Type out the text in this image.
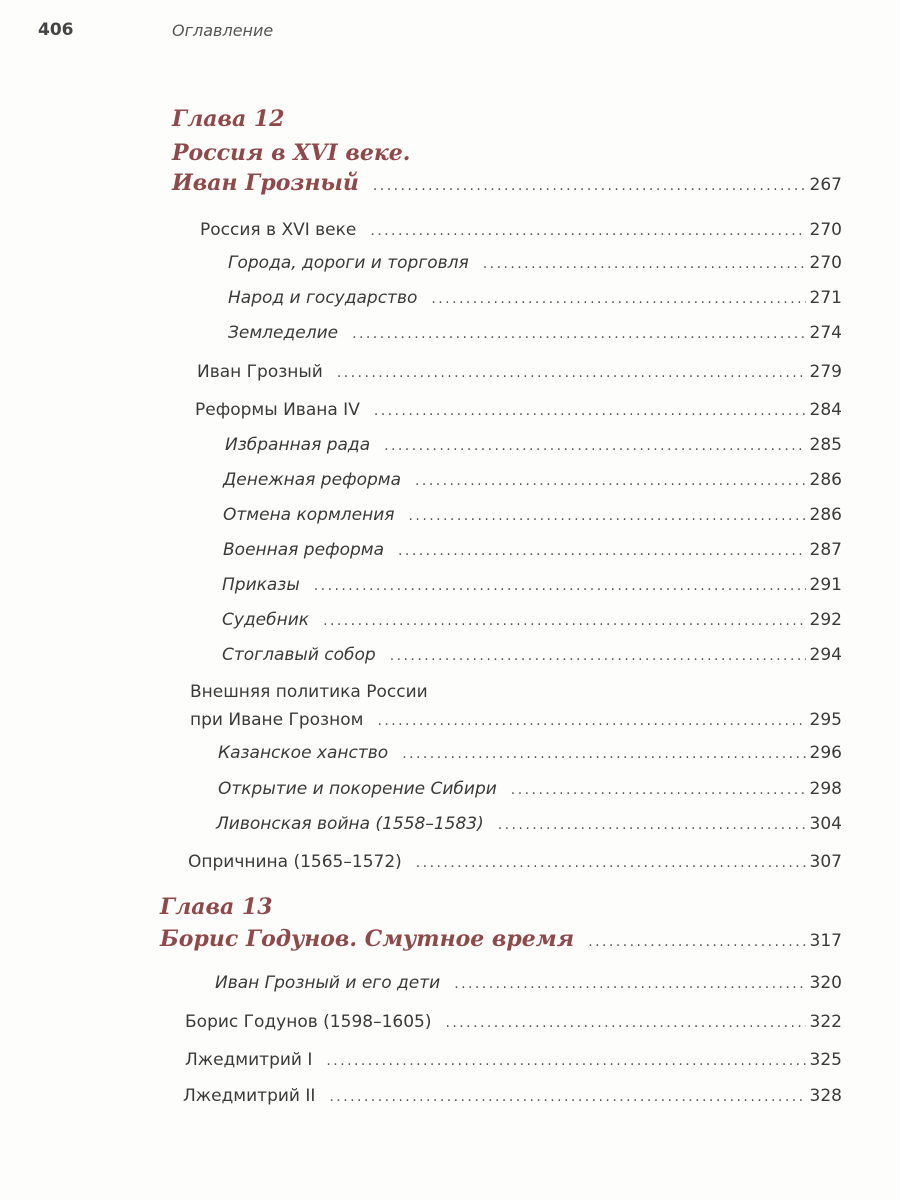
406	Оглавление
Глава 12
Россия в XVI веке.
Иван Грозный . . .	267
Россия в XVI веке . . .	270
Города, дороги и торговля . . .	270
Народ и государство . . .	271
Земледелие . . .	274
Иван Грозный . . .	279
Реформы Ивана IV . . .	284
Избранная рада . . .	285
Денежная реформа . . .	286
Отмена кормления . . .	286
Военная реформа . . .	287
Приказы . . .	291
Судебник . . .	292
Стоглавый собор . . .	294
Внешняя политика России
при Иване Грозном . . .	295
Казанское ханство . . .	296
Открытие и покорение Сибири . . .	298
Ливонская война (1558–1583) . . .	304
Опричнина (1565–1572) . . .	307
Глава 13
Борис Годунов. Смутное время . . .	317
Иван Грозный и его дети . . .	320
Борис Годунов (1598–1605) . . .	322
Лжедмитрий I . . .	325
Лжедмитрий II . . .	328
